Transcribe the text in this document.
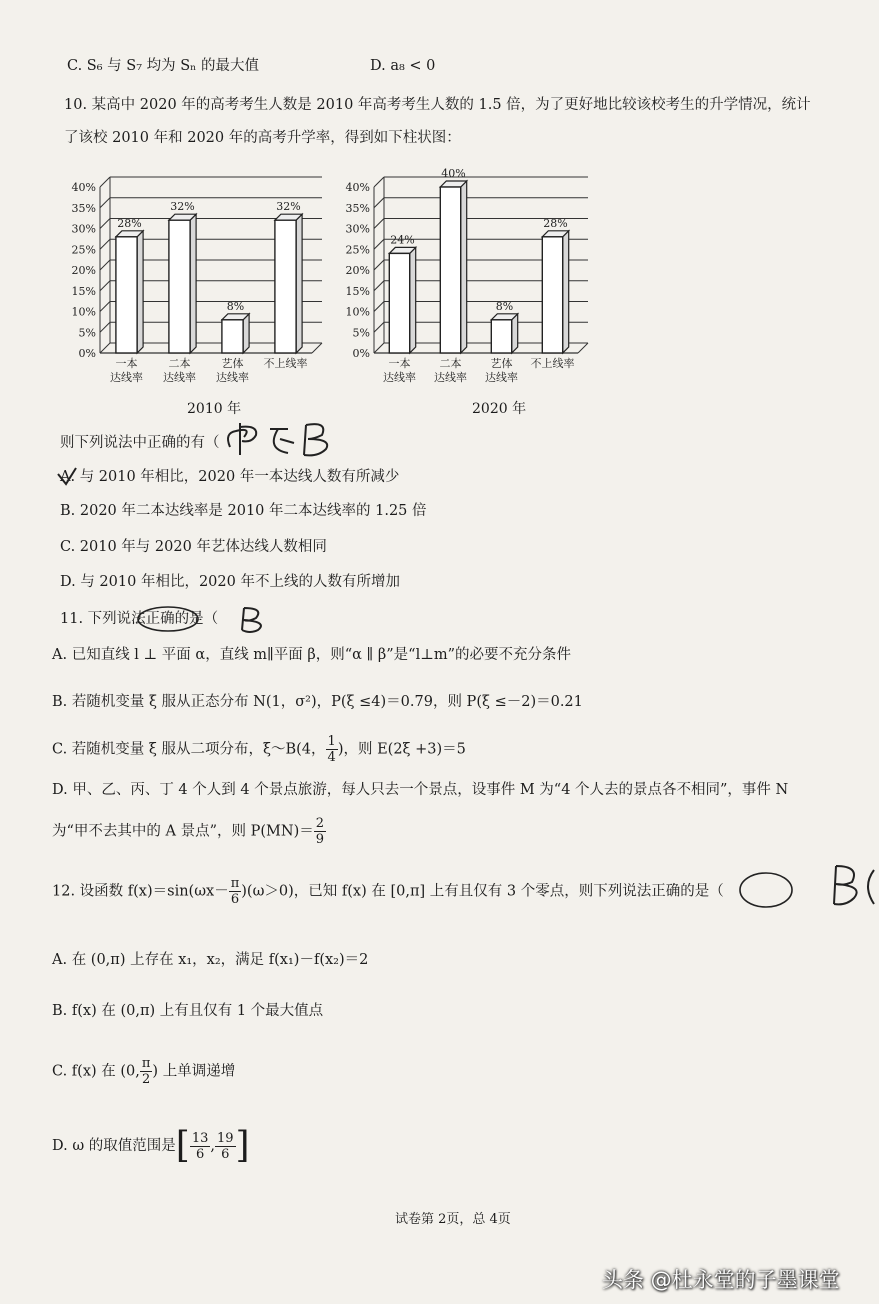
C. S₆ 与 S₇ 均为 Sₙ 的最大值	D. a₈ < 0
10. 某高中 2020 年的高考考生人数是 2010 年高考考生人数的 1.5 倍，为了更好地比较该校考生的升学情况，统计
了该校 2010 年和 2020 年的高考升学率，得到如下柱状图：
0%
5%
10%
15%
20%
25%
30%
35%
40%
28%
一本
达线率
32%
二本
达线率
8%
艺体
达线率
32%
不上线率
0%
5%
10%
15%
20%
25%
30%
35%
40%
24%
一本
达线率
40%
二本
达线率
8%
艺体
达线率
28%
不上线率
2010 年	2020 年
则下列说法中正确的有（
A. 与 2010 年相比，2020 年一本达线人数有所减少
B. 2020 年二本达线率是 2010 年二本达线率的 1.25 倍
C. 2010 年与 2020 年艺体达线人数相同
D. 与 2010 年相比，2020 年不上线的人数有所增加
11. 下列说法正确的是（
A. 已知直线 l ⊥ 平面 α，直线 m∥平面 β，则“α ∥ β”是“l⊥m”的必要不充分条件
B. 若随机变量 ξ 服从正态分布 N(1，σ²)，P(ξ ≤4)＝0.79，则 P(ξ ≤－2)＝0.21
C. 若随机变量 ξ 服从二项分布，ξ～B(4， $\frac{1}{4}$ )，则 E(2ξ +3)＝5
D. 甲、乙、丙、丁 4 个人到 4 个景点旅游，每人只去一个景点，设事件 M 为“4 个人去的景点各不相同”，事件 N
为“甲不去其中的 A 景点”，则 $P(MN)= \frac{2}{9}$
12. 设函数 $f(x)=\sin(\omega x- \frac{\pi}{6} )(\omega>0)$，已知 f(x) 在 [0,π] 上有且仅有 3 个零点，则下列说法正确的是（
A. 在 (0,π) 上存在 x₁，x₂，满足 f(x₁)－f(x₂)＝2
B. f(x) 在 (0,π) 上有且仅有 1 个最大值点
C. f(x) 在 (0, $\frac{\pi}{2}$ ) 上单调递增
D. ω 的取值范围是[ $\frac{13}{6}$ , $\frac{19}{6}$ ]
试卷第 2页，总 4页
头条 @杜永堂的子墨课堂
